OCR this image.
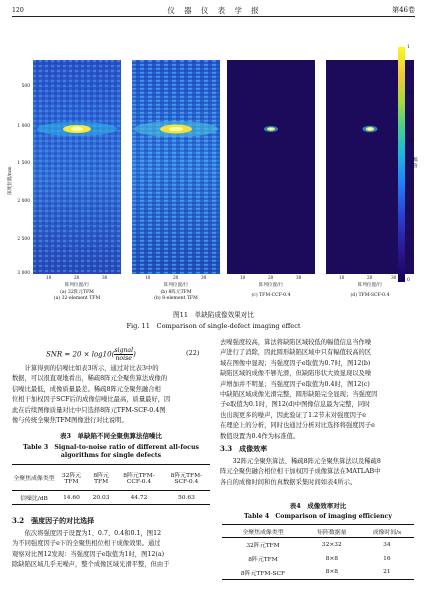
120	仪　器　仪　表　学　报	第46卷
500
1 000
1 500
2 000
2 500
3 000
深度位置/mm
10	20	30
阵列位置/行
10	20	30
阵列位置/行
10	20	30
阵列位置/行
10	20	30
阵列位置/行
(a) 32阵元TFM
(a) 32-element TFM
(b) 8阵元TFM
(b) 8-element TFM
(c) TFM-CCF-0.4	(d) TFM-SCF-0.4
1
0.9
0.8
0.7
0.6
0.5
0.4
0.3
0.2
0.1
0
幅值
图11　单缺陷成像效果对比
Fig. 11　Comparison of single-defect imaging effect
SNR = 20 × log10( signal
noise )	(22)
　　计算得到的信噪比如表3所示，通过对比表3中的
数据，可以很直观地看出，稀疏8阵元全聚焦算法成像的
信噪比最低，成像质量最差。稀疏8阵元全聚焦融合相
位相干加权因子SCF后的成像信噪比最高，质量最好，因
此在后续图像质量对比中只选择8阵元TFM-SCF-0.4图
像与传统全聚焦TFM图像进行对比说明。
表3　单缺陷不同全聚焦算法信噪比
Table 3　Signal-to-noise ratio of different all-focus
algorithms for single defects
全聚焦成像类型	32阵元TFM	8阵元TFM	8阵元TFM-CCF-0.4	8阵元TFM-SCF-0.4
信噪比/dB	14.60	20.03	44.72	50.63
3.2　强度因子的对比选择
　　依次将强度因子设置为1、0.7、0.4和0.1，图12
为不同强度因子e下的全聚焦相位相干成像效果。通过
观察对比图12发现：当强度因子e取值为1时，图12(a)
除缺陷区域几乎无噪声，整个成像区域光滑平整，但由于
去噪强度较高，算法将缺陷区域较低的幅值信息当作噪
声进行了消除，因此圆形缺陷区域中只有幅值较高的区
域在图像中显现；当强度因子e取值为0.7时，图12(b)
缺陷区域的成像不够光滑，但缺陷形状大致显现以及噪
声增加并不明显；当强度因子e取值为0.4时，图12(c)
中缺陷区域成像光滑完整，圆形缺陷完全显现；当强度因
子e取值为0.1时，图12(d)中图像信息最为完整，同时
也出现更多的噪声，因此验证了1.2节末对强度因子e
在理论上的分析，同时也通过分析对比选择将强度因子e
数值设置为0.4作为标准值。
3.3　成像效率
　　32阵元全聚焦算法、稀疏8阵元全聚焦算法以及稀疏8
阵元全聚焦融合相位相干加权因子成像算法在MATLAB中
各自的成像时间和仿真数据采集时间如表4所示。
表4　成像效率对比
Table 4　Comparison of imaging efficiency
全聚焦成像类型	矩阵数据量	成像时间/s
32阵元TFM	32×32	34
8阵元TFM	8×8	16
8阵元TFM-SCF	8×8	21
